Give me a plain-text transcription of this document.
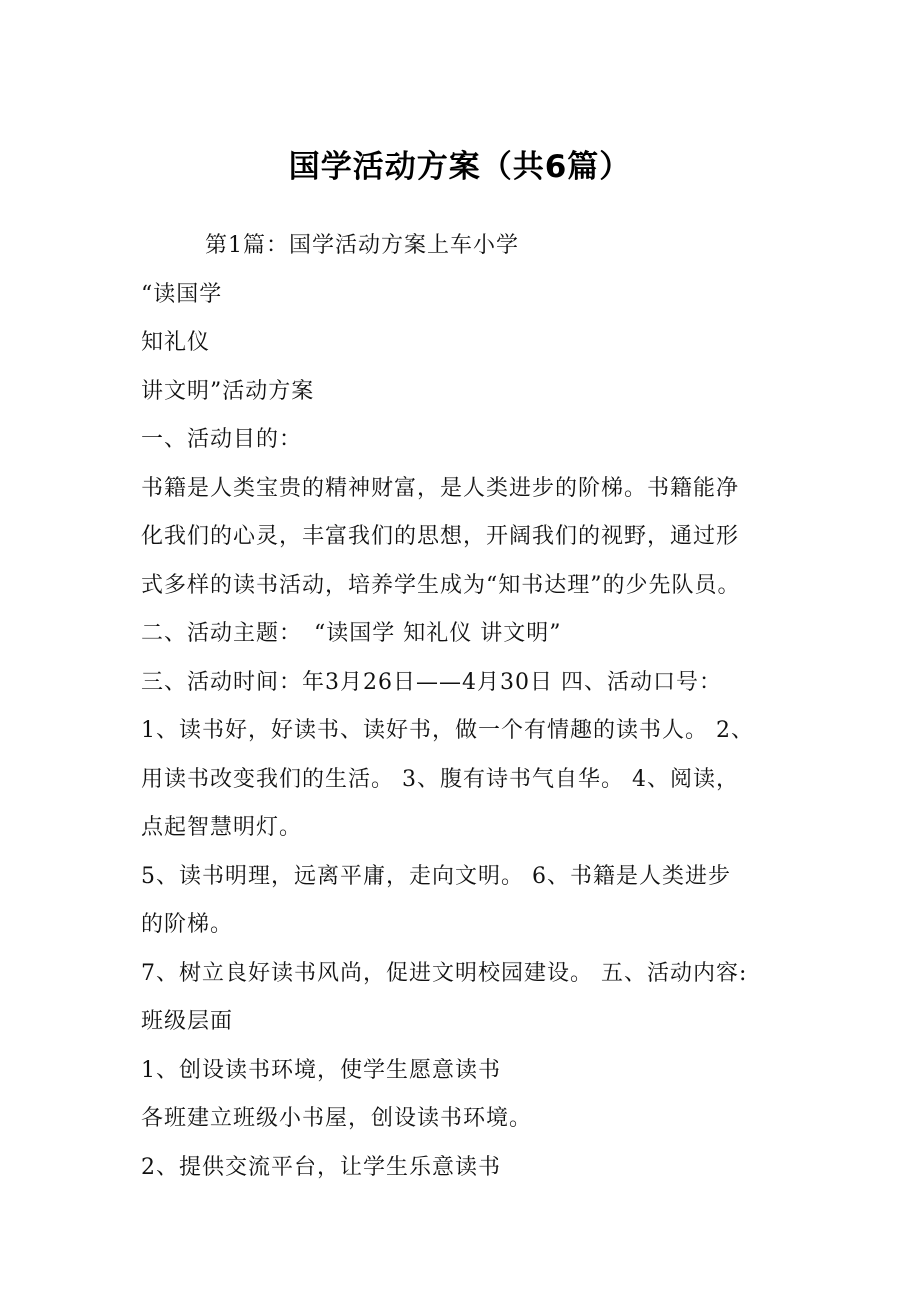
国学活动方案（共6篇）
第1篇：国学活动方案上车小学
“读国学
知礼仪
讲文明”活动方案
一、活动目的：
书籍是人类宝贵的精神财富，是人类进步的阶梯。书籍能净
化我们的心灵，丰富我们的思想，开阔我们的视野，通过形
式多样的读书活动，培养学生成为“知书达理”的少先队员。
二、活动主题：　“读国学 知礼仪 讲文明”
三、活动时间：年3月26日——4月30日 四、活动口号：
1、读书好，好读书、读好书，做一个有情趣的读书人。 2、
用读书改变我们的生活。 3、腹有诗书气自华。 4、阅读，
点起智慧明灯。
5、读书明理，远离平庸，走向文明。 6、书籍是人类进步
的阶梯。
7、树立良好读书风尚，促进文明校园建设。 五、活动内容:
班级层面
1、创设读书环境，使学生愿意读书
各班建立班级小书屋，创设读书环境。
2、提供交流平台，让学生乐意读书
